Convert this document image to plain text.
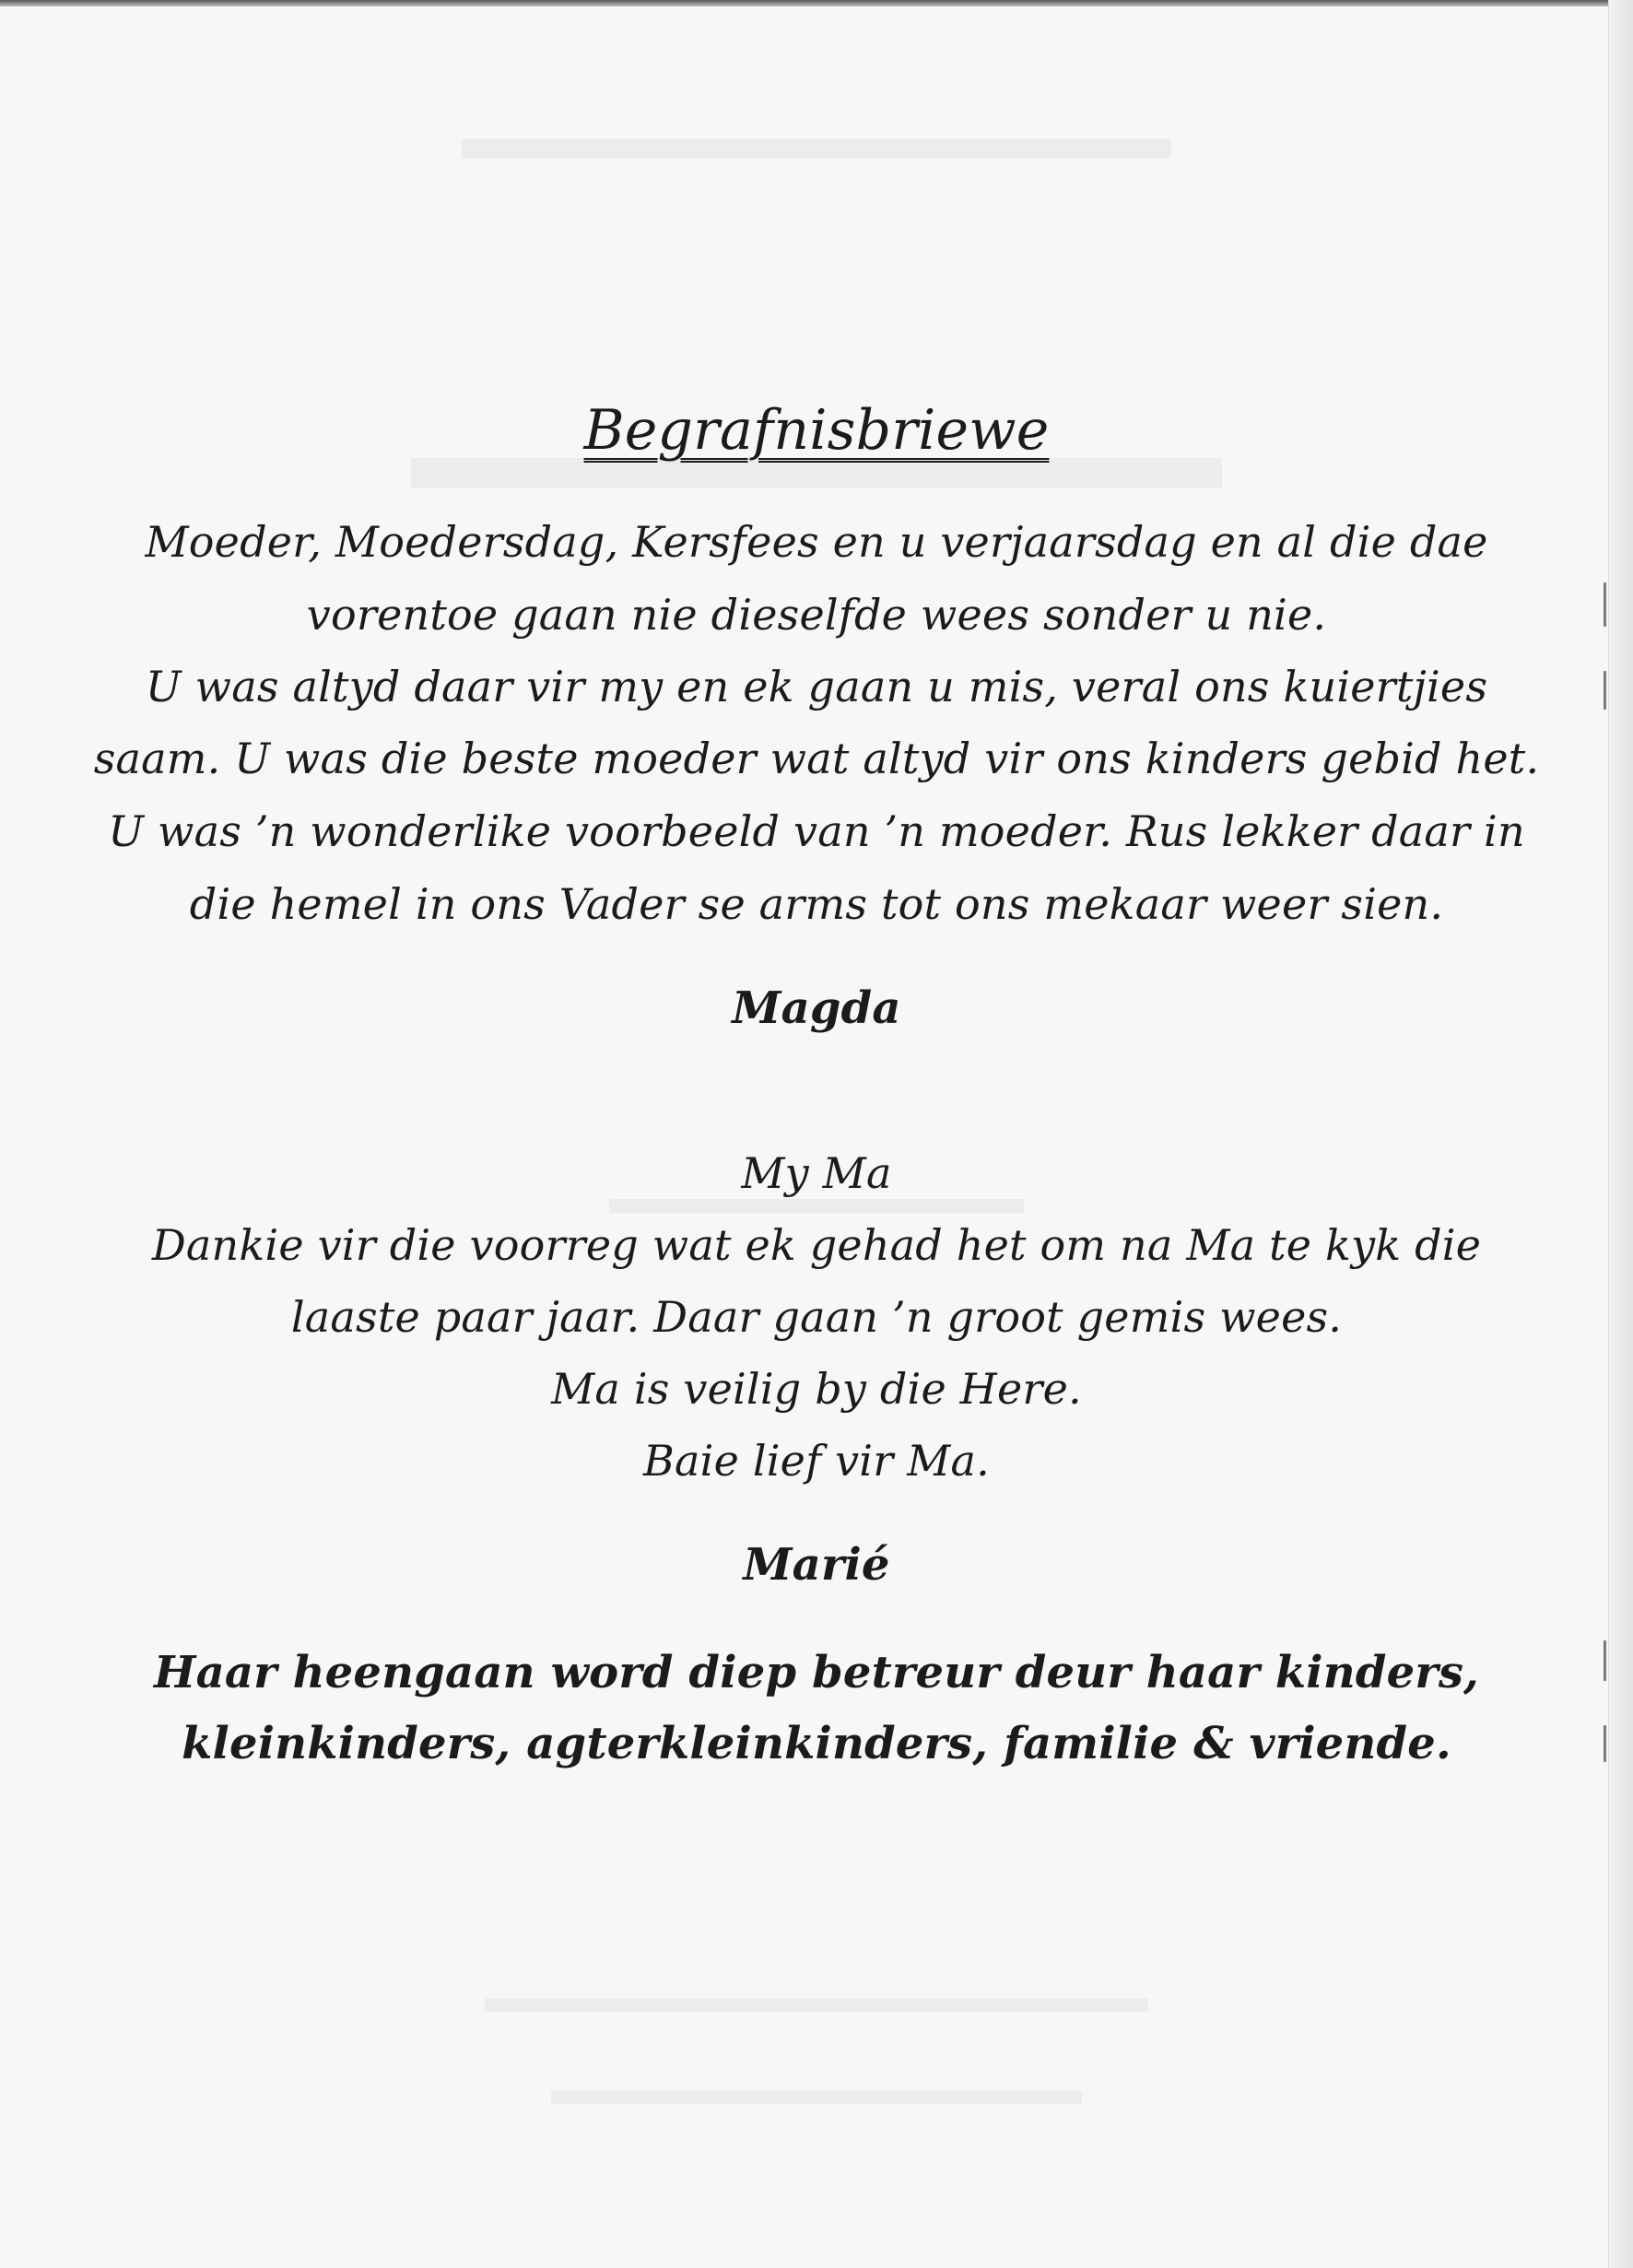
Begrafnisbriewe
Moeder, Moedersdag, Kersfees en u verjaarsdag en al die dae
vorentoe gaan nie dieselfde wees sonder u nie.
U was altyd daar vir my en ek gaan u mis, veral ons kuiertjies
saam. U was die beste moeder wat altyd vir ons kinders gebid het.
U was ’n wonderlike voorbeeld van ’n moeder. Rus lekker daar in
die hemel in ons Vader se arms tot ons mekaar weer sien.
Magda
My Ma
Dankie vir die voorreg wat ek gehad het om na Ma te kyk die
laaste paar jaar. Daar gaan ’n groot gemis wees.
Ma is veilig by die Here.
Baie lief vir Ma.
Marié
Haar heengaan word diep betreur deur haar kinders,
kleinkinders, agterkleinkinders, familie & vriende.
